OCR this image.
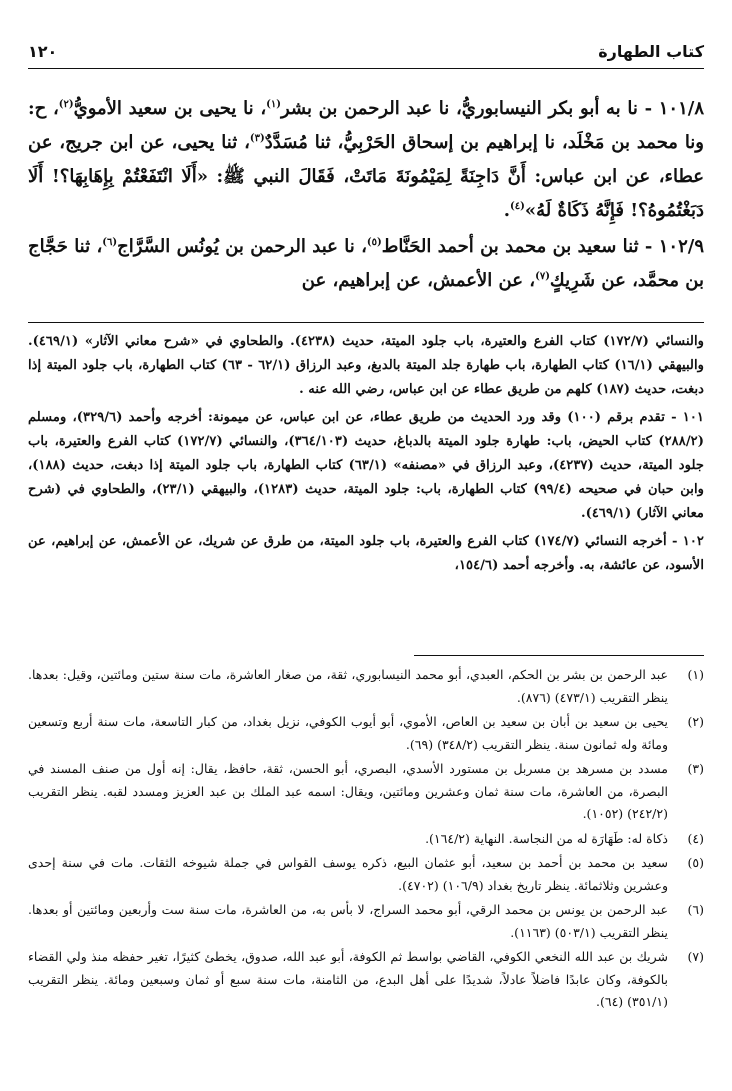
كتاب الطهارة
١٢٠

١٠١/٨ - نا به أبو بكر النيسابوريُّ، نا عبد الرحمن بن بشر$^{(١)}$، نا يحيى بن سعيد الأمويُّ$^{(٢)}$، ح: ونا محمد بن مَخْلَد، نا إبراهيم بن إسحاق الحَرْبِيُّ، ثنا مُسَدَّدٌ$^{(٣)}$، ثنا يحيى، عن ابن جريج، عن عطاء، عن ابن عباس: أَنَّ دَاجِنَةً لِمَيْمُونَةَ مَاتَتْ، فَقَالَ النبي ﷺ: «أَلَا انْتَفَعْتُمْ بِإِهَابِهَا؟! أَلَا دَبَغْتُمُوهُ؟! فَإِنَّهُ ذَكَاةٌ لَهُ»$^{(٤)}$.

١٠٢/٩ - ثنا سعيد بن محمد بن أحمد الحَنَّاط$^{(٥)}$، نا عبد الرحمن بن يُونُس السَّرَّاج$^{(٦)}$، ثنا حَجَّاج بن محمَّد، عن شَرِيكٍ$^{(٧)}$، عن الأعمش، عن إبراهيم، عن

والنسائي (١٧٢/٧) كتاب الفرع والعتيرة، باب جلود الميتة، حديث (٤٢٣٨). والطحاوي في «شرح معاني الآثار» (٤٦٩/١). والبيهقي (١٦/١) كتاب الطهارة، باب طهارة جلد الميتة بالدبغ، وعبد الرزاق (٦٢/١ - ٦٣) كتاب الطهارة، باب جلود الميتة إذا دبغت، حديث (١٨٧) كلهم من طريق عطاء عن ابن عباس، رضي الله عنه .

١٠١ - تقدم برقم (١٠٠) وقد ورد الحديث من طريق عطاء، عن ابن عباس، عن ميمونة: أخرجه وأحمد (٣٢٩/٦)، ومسلم (٢٨٨/٢) كتاب الحيض، باب: طهارة جلود الميتة بالدباغ، حديث (٣٦٤/١٠٣)، والنسائي (١٧٢/٧) كتاب الفرع والعتيرة، باب جلود الميتة، حديث (٤٢٣٧)، وعبد الرزاق في «مصنفه» (٦٣/١) كتاب الطهارة، باب جلود الميتة إذا دبغت، حديث (١٨٨)، وابن حبان في صحيحه (٩٩/٤) كتاب الطهارة، باب: جلود الميتة، حديث (١٢٨٣)، والبيهقي (٢٣/١)، والطحاوي في (شرح معاني الآثار) (٤٦٩/١).

١٠٢ - أخرجه النسائي (١٧٤/٧) كتاب الفرع والعتيرة، باب جلود الميتة، من طرق عن شريك، عن الأعمش، عن إبراهيم، عن الأسود، عن عائشة، به. وأخرجه أحمد (١٥٤/٦،

(١)
عبد الرحمن بن بشر بن الحكم، العبدي، أبو محمد النيسابوري، ثقة، من صغار العاشرة، مات سنة ستين ومائتين، وقيل: بعدها. ينظر التقريب (٤٧٣/١) (٨٧٦).
(٢)
يحيى بن سعيد بن أبان بن سعيد بن العاص، الأموي، أبو أيوب الكوفي، نزيل بغداد، من كبار التاسعة، مات سنة أربع وتسعين ومائة وله ثمانون سنة. ينظر التقريب (٣٤٨/٢) (٦٩).
(٣)
مسدد بن مسرهد بن مسربل بن مستورد الأسدي، البصري، أبو الحسن، ثقة، حافظ، يقال: إنه أول من صنف المسند في البصرة، من العاشرة، مات سنة ثمان وعشرين ومائتين، ويقال: اسمه عبد الملك بن عبد العزيز ومسدد لقبه. ينظر التقريب (٢٤٢/٢) (١٠٥٢).
(٤)
ذكاة له: طَهَارَة له من النجاسة. النهاية (١٦٤/٢).
(٥)
سعيد بن محمد بن أحمد بن سعيد، أبو عثمان البيع، ذكره يوسف القواس في جملة شيوخه الثقات. مات في سنة إحدى وعشرين وثلاثمائة. ينظر تاريخ بغداد (١٠٦/٩) (٤٧٠٢).
(٦)
عبد الرحمن بن يونس بن محمد الرقي، أبو محمد السراج، لا بأس به، من العاشرة، مات سنة ست وأربعين ومائتين أو بعدها. ينظر التقريب (٥٠٣/١) (١١٦٣).
(٧)
شريك بن عبد الله النخعي الكوفي، القاضي بواسط ثم الكوفة، أبو عبد الله، صدوق، يخطئ كثيرًا، تغير حفظه منذ ولي القضاء بالكوفة، وكان عابدًا فاضلاً عادلاً، شديدًا على أهل البدع، من الثامنة، مات سنة سبع أو ثمان وسبعين ومائة. ينظر التقريب (٣٥١/١) (٦٤).
